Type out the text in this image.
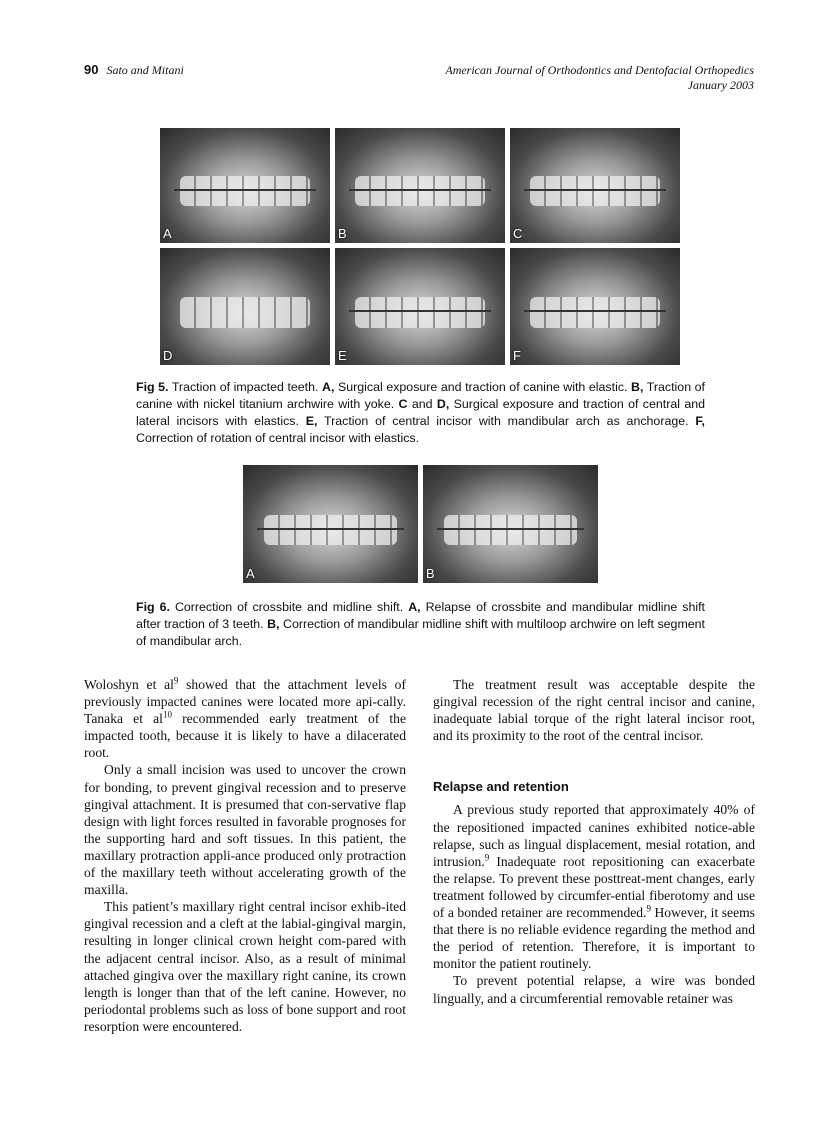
90 Sato and Mitani	American Journal of Orthodontics and Dentofacial Orthopedics
January 2003
A	B	C
D	E	F
Fig 5. Traction of impacted teeth. A, Surgical exposure and traction of canine with elastic. B, Traction of canine with nickel titanium archwire with yoke. C and D, Surgical exposure and traction of central and lateral incisors with elastics. E, Traction of central incisor with mandibular arch as anchorage. F, Correction of rotation of central incisor with elastics.
A	B
Fig 6. Correction of crossbite and midline shift. A, Relapse of crossbite and mandibular midline shift after traction of 3 teeth. B, Correction of mandibular midline shift with multiloop archwire on left segment of mandibular arch.

Woloshyn et $al^9$ showed that the attachment levels of previously impacted canines were located more api-cally. Tanaka et $al^{10}$ recommended early treatment of the impacted tooth, because it is likely to have a dilacerated root.

Only a small incision was used to uncover the crown for bonding, to prevent gingival recession and to preserve gingival attachment. It is presumed that con-servative flap design with light forces resulted in favorable prognoses for the supporting hard and soft tissues. In this patient, the maxillary protraction appli-ance produced only protraction of the maxillary teeth without accelerating growth of the maxilla.

This patient’s maxillary right central incisor exhib-ited gingival recession and a cleft at the labial-gingival margin, resulting in longer clinical crown height com-pared with the adjacent central incisor. Also, as a result of minimal attached gingiva over the maxillary right canine, its crown length is longer than that of the left canine. However, no periodontal problems such as loss of bone support and root resorption were encountered.

The treatment result was acceptable despite the gingival recession of the right central incisor and canine, inadequate labial torque of the right lateral incisor root, and its proximity to the root of the central incisor.

Relapse and retention

A previous study reported that approximately 40% of the repositioned impacted canines exhibited notice-able relapse, such as lingual displacement, mesial rotation, and intrusion.$^9$ Inadequate root repositioning can exacerbate the relapse. To prevent these posttreat-ment changes, early treatment followed by circumfer-ential fiberotomy and use of a bonded retainer are recommended.$^9$ However, it seems that there is no reliable evidence regarding the method and the period of retention. Therefore, it is important to monitor the patient routinely.

To prevent potential relapse, a wire was bonded lingually, and a circumferential removable retainer was
